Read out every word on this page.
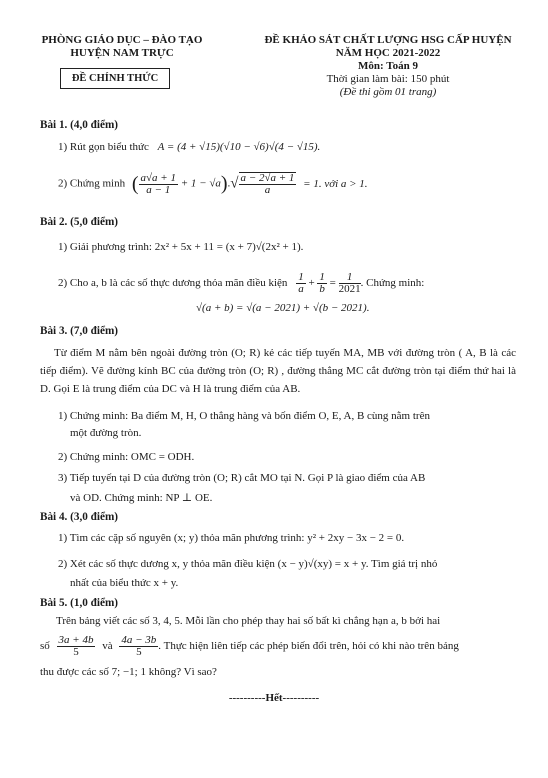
PHÒNG GIÁO DỤC – ĐÀO TẠO
HUYỆN NAM TRỰC
ĐỀ CHÍNH THỨC
ĐỀ KHẢO SÁT CHẤT LƯỢNG HSG CẤP HUYỆN
NĂM HỌC 2021-2022
Môn: Toán 9
Thời gian làm bài: 150 phút
(Đề thi gồm 01 trang)
Bài 1. (4,0 điểm)
1) Rút gọn biểu thức A = (4 + √15)(√10 − √6)√(4 − √15).
2) Chứng minh ( $\frac{a√a + 1}{a - 1} + 1 - √a).√ \frac{a - 2√a + 1}{a} = 1$. với a > 1.
Bài 2. (5,0 điểm)
1) Giải phương trình: 2x² + 5x + 11 = (x + 7)√(2x² + 1).
2) Cho a, b là các số thực dương thỏa mãn điều kiện $\frac{1}{a} + \frac{1}{b} = \frac{1}{2021}$ . Chứng minh:
√(a + b) = √(a − 2021) + √(b − 2021).
Bài 3. (7,0 điểm)
Từ điểm M nằm bên ngoài đường tròn (O; R) kẻ các tiếp tuyến MA, MB với đường tròn ( A, B là các tiếp điểm). Vẽ đường kính BC của đường tròn (O; R) , đường thẳng MC cắt đường tròn tại điểm thứ hai là D. Gọi E là trung điểm của DC và H là trung điểm của AB.
1) Chứng minh: Ba điểm M, H, O thẳng hàng và bốn điểm O, E, A, B cùng nằm trên
một đường tròn.
2) Chứng minh: OMC = ODH.
3) Tiếp tuyến tại D của đường tròn (O; R) cắt MO tại N. Gọi P là giao điểm của AB
và OD. Chứng minh: NP ⊥ OE.
Bài 4. (3,0 điểm)
1) Tìm các cặp số nguyên (x; y) thỏa mãn phương trình: y² + 2xy − 3x − 2 = 0.
2) Xét các số thực dương x, y thỏa mãn điều kiện (x − y)√(xy) = x + y. Tìm giá trị nhỏ
nhất của biểu thức x + y.
Bài 5. (1,0 điểm)
Trên bảng viết các số 3, 4, 5. Mỗi lần cho phép thay hai số bất kì chẳng hạn a, b bởi hai
số $\frac{3a + 4b}{5}$ và $\frac{4a - 3b}{5}$ . Thực hiện liên tiếp các phép biến đổi trên, hỏi có khi nào trên bảng
thu được các số 7; −1; 1 không? Vì sao?
----------Hết----------
